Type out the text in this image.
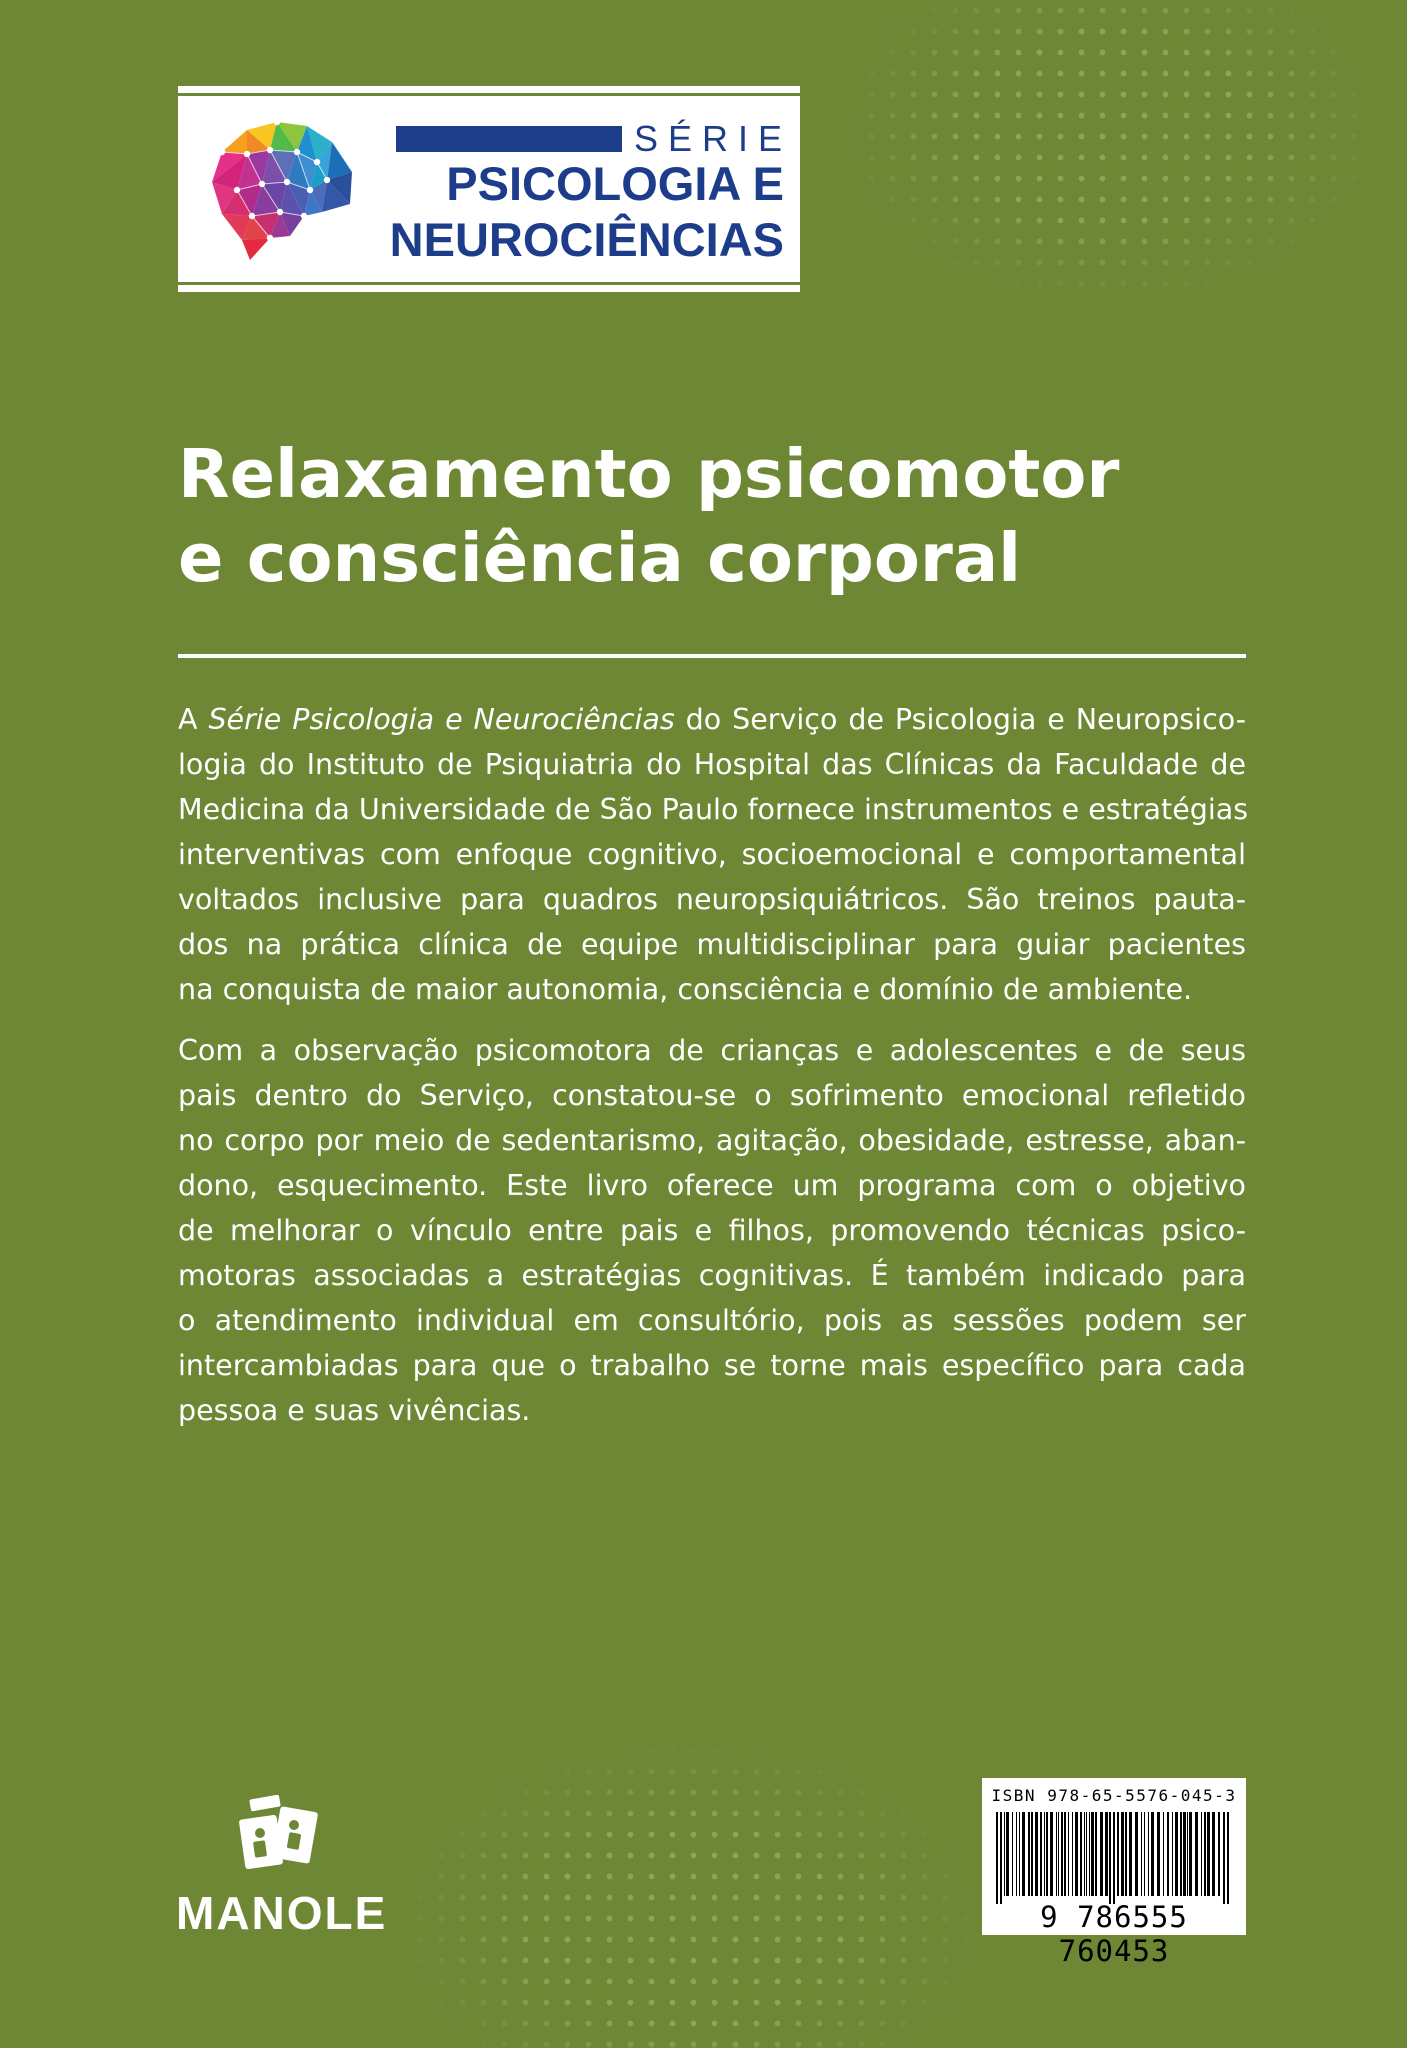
SÉRIE
PSICOLOGIA E
NEUROCIÊNCIAS
Relaxamento psicomotor
e consciência corporal

A Série Psicologia e Neurociências do Serviço de Psicologia e Neuropsico-
logia do Instituto de Psiquiatria do Hospital das Clínicas da Faculdade de
Medicina da Universidade de São Paulo fornece instrumentos e estratégias
interventivas com enfoque cognitivo, socioemocional e comportamental
voltados inclusive para quadros neuropsiquiátricos. São treinos pauta-
dos na prática clínica de equipe multidisciplinar para guiar pacientes
na conquista de maior autonomia, consciência e domínio de ambiente.

Com a observação psicomotora de crianças e adolescentes e de seus
pais dentro do Serviço, constatou-se o sofrimento emocional refletido
no corpo por meio de sedentarismo, agitação, obesidade, estresse, aban-
dono, esquecimento. Este livro oferece um programa com o objetivo
de melhorar o vínculo entre pais e filhos, promovendo técnicas psico-
motoras associadas a estratégias cognitivas. É também indicado para
o atendimento individual em consultório, pois as sessões podem ser
intercambiadas para que o trabalho se torne mais específico para cada
pessoa e suas vivências.

MANOLE
ISBN 978-65-5576-045-3
9 786555 760453
